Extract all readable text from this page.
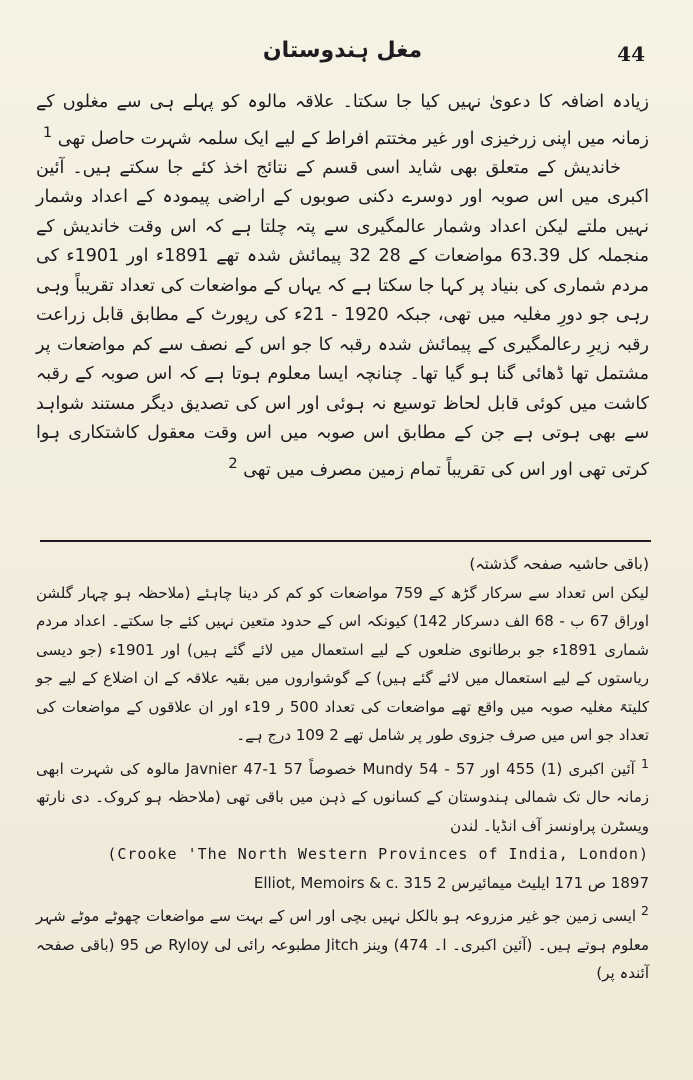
مغل ہندوستان	44

زیادہ اضافہ کا دعویٰ نہیں کیا جا سکتا۔ علاقہ مالوہ کو پہلے ہی سے مغلوں کے زمانہ میں اپنی زرخیزی اور غیر مختتم افراط کے لیے ایک سلمہ شہرت حاصل تھی $^1$

خاندیش کے متعلق بھی شاید اسی قسم کے نتائج اخذ کئے جا سکتے ہیں۔ آئین اکبری میں اس صوبہ اور دوسرے دکنی صوبوں کے اراضی پیمودہ کے اعداد وشمار نہیں ملتے لیکن اعداد وشمار عالمگیری سے پتہ چلتا ہے کہ اس وقت خاندیش کے منجملہ کل 63.39 مواضعات کے 28 32 پیمائش شدہ تھے 1891ء اور 1901ء کی مردم شماری کی بنیاد پر کہا جا سکتا ہے کہ یہاں کے مواضعات کی تعداد تقریباً وہی رہی جو دورِ مغلیہ میں تھی، جبکہ 1920 - 21ء کی رپورٹ کے مطابق قابل زراعت رقبہ زیرِ رعالمگیری کے پیمائش شدہ رقبہ کا جو اس کے نصف سے کم مواضعات پر مشتمل تھا ڈھائی گنا ہو گیا تھا۔ چنانچہ ایسا معلوم ہوتا ہے کہ اس صوبہ کے رقبہ کاشت میں کوئی قابل لحاظ توسیع نہ ہوئی اور اس کی تصدیق دیگر مستند شواہد سے بھی ہوتی ہے جن کے مطابق اس صوبہ میں اس وقت معقول کاشتکاری ہوا کرتی تھی اور اس کی تقریباً تمام زمین مصرف میں تھی $^2$

(باقی حاشیہ صفحہ گذشتہ)

لیکن اس تعداد سے سرکار گڑھ کے 759 مواضعات کو کم کر دینا چاہئے (ملاحظہ ہو چہار گلشن اوراق 67 ب - 68 الف دسرکار 142) کیونکہ اس کے حدود متعین نہیں کئے جا سکتے۔ اعداد مردم شماری 1891ء جو برطانوی ضلعوں کے لیے استعمال میں لائے گئے ہیں) اور 1901ء (جو دیسی ریاستوں کے لیے استعمال میں لائے گئے ہیں) کے گوشواروں میں بقیہ علاقہ کے ان اضلاع کے لیے جو کلیتہً مغلیہ صوبہ میں واقع تھے مواضعات کی تعداد 500 ر 19ء اور ان علاقوں کے مواضعات کی تعداد جو اس میں صرف جزوی طور پر شامل تھے 2 109 درج ہے۔

$^1$ آئین اکبری (1) 455 اور Mundy 54 - 57 خصوصاً 57 Javnier 47-1 مالوہ کی شہرت ابھی زمانہ حال تک شمالی ہندوستان کے کسانوں کے ذہن میں باقی تھی (ملاحظہ ہو کروک۔ دی نارتھ ویسٹرن پراونسز آف انڈیا۔ لندن

(Crooke 'The North Western Provinces of India, London)

1897 ص 171 ایلیٹ میمائیرس 2 Elliot, Memoirs & c. 315

$^2$ ایسی زمین جو غیر مزروعہ ہو بالکل نہیں بچی اور اس کے بہت سے مواضعات چھوٹے موٹے شہر معلوم ہوتے ہیں۔ (آئین اکبری۔ ا۔ 474) وینز Jitch مطبوعہ رائی لی Ryloy ص 95 (باقی صفحہ آئندہ پر)
